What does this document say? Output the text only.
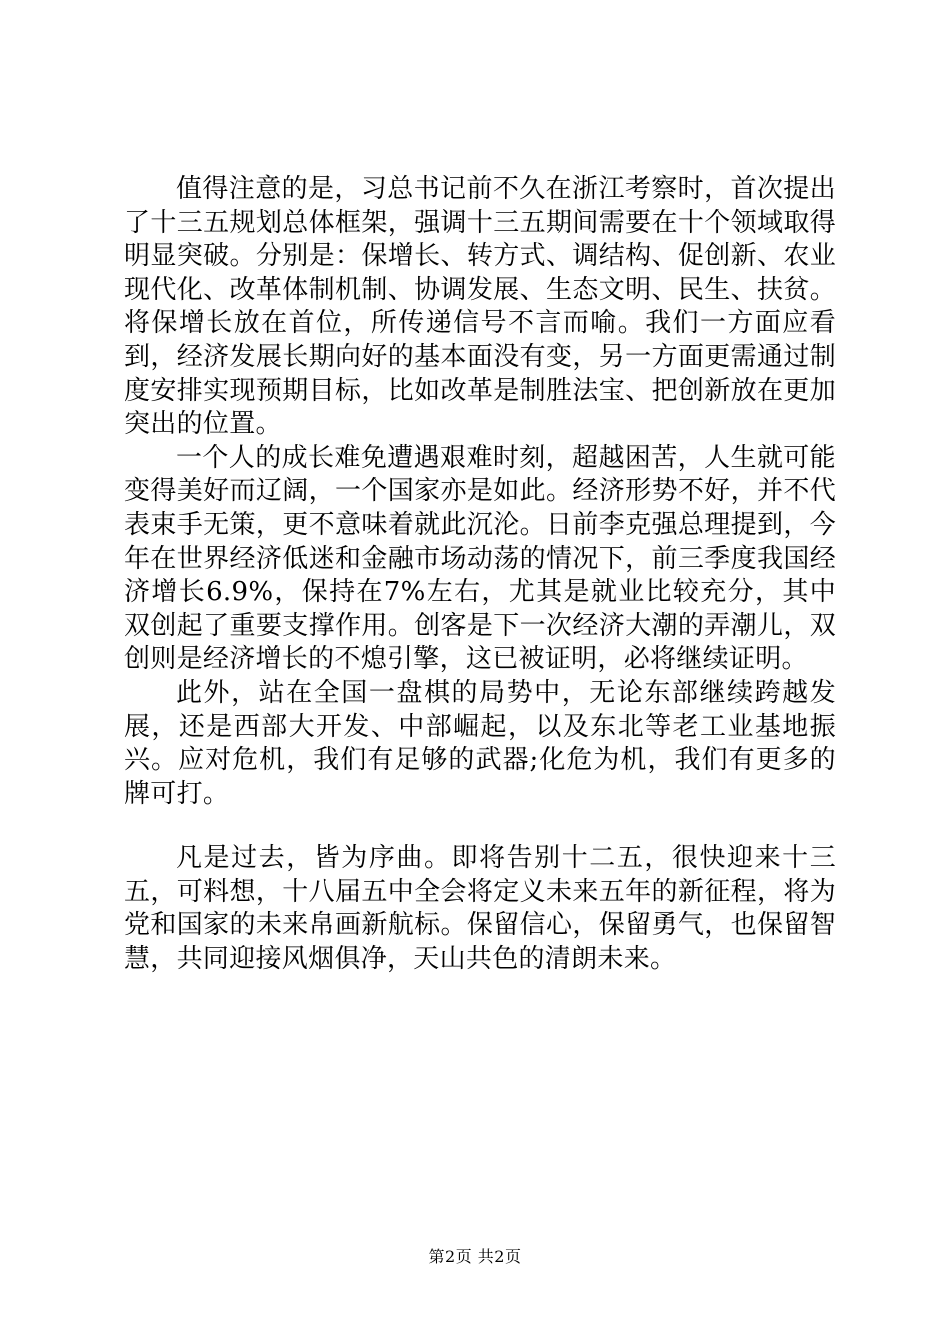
值得注意的是，习总书记前不久在浙江考察时，首次提出了十三五规划总体框架，强调十三五期间需要在十个领域取得明显突破。分别是：保增长、转方式、调结构、促创新、农业现代化、改革体制机制、协调发展、生态文明、民生、扶贫。将保增长放在首位，所传递信号不言而喻。我们一方面应看到，经济发展长期向好的基本面没有变，另一方面更需通过制度安排实现预期目标，比如改革是制胜法宝、把创新放在更加突出的位置。

一个人的成长难免遭遇艰难时刻，超越困苦，人生就可能变得美好而辽阔，一个国家亦是如此。经济形势不好，并不代表束手无策，更不意味着就此沉沦。日前李克强总理提到，今年在世界经济低迷和金融市场动荡的情况下，前三季度我国经济增长6.9%，保持在7%左右，尤其是就业比较充分，其中双创起了重要支撑作用。创客是下一次经济大潮的弄潮儿，双创则是经济增长的不熄引擎，这已被证明，必将继续证明。

此外，站在全国一盘棋的局势中，无论东部继续跨越发展，还是西部大开发、中部崛起，以及东北等老工业基地振兴。应对危机，我们有足够的武器;化危为机，我们有更多的牌可打。

凡是过去，皆为序曲。即将告别十二五，很快迎来十三五，可料想，十八届五中全会将定义未来五年的新征程，将为党和国家的未来帛画新航标。保留信心，保留勇气，也保留智慧，共同迎接风烟俱净，天山共色的清朗未来。

第2页 共2页
